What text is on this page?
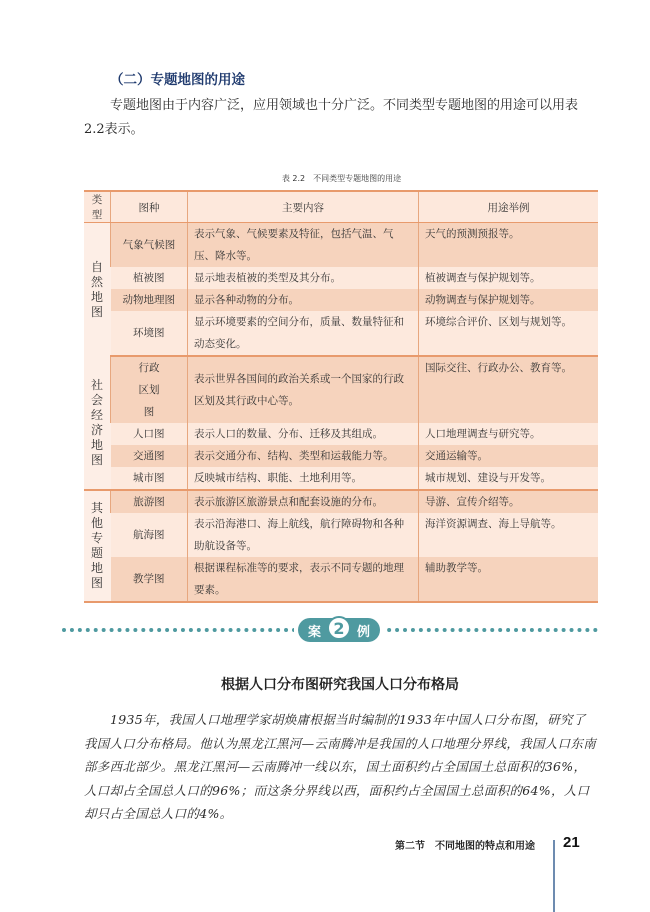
（二）专题地图的用途
专题地图由于内容广泛，应用领域也十分广泛。不同类型专题地图的用途可以用表2.2表示。
表 2.2　不同类型专题地图的用途
类型	图种	主要内容	用途举例

自然地图	气象气候图	表示气象、气候要素及特征，包括气温、气压、降水等。	天气的预测预报等。
	植被图	显示地表植被的类型及其分布。	植被调查与保护规划等。
	动物地理图	显示各种动物的分布。	动物调查与保护规划等。
	环境图	显示环境要素的空间分布，质量、数量特征和动态变化。	环境综合评价、区划与规划等。

社会经济地图	行政区划图	表示世界各国间的政治关系或一个国家的行政区划及其行政中心等。	国际交往、行政办公、教育等。
	人口图	表示人口的数量、分布、迁移及其组成。	人口地理调查与研究等。
	交通图	表示交通分布、结构、类型和运载能力等。	交通运输等。
	城市图	反映城市结构、职能、土地利用等。	城市规划、建设与开发等。

其他专题地图	旅游图	表示旅游区旅游景点和配套设施的分布。	导游、宣传介绍等。
	航海图	表示沿海港口、海上航线，航行障碍物和各种助航设备等。	海洋资源调查、海上导航等。
	教学图	根据课程标准等的要求，表示不同专题的地理要素。	辅助教学等。
案 2 例
根据人口分布图研究我国人口分布格局
1935年，我国人口地理学家胡焕庸根据当时编制的1933年中国人口分布图，研究了我国人口分布格局。他认为黑龙江黑河—云南腾冲是我国的人口地理分界线，我国人口东南部多西北部少。黑龙江黑河—云南腾冲一线以东，国土面积约占全国国土总面积的36%，人口却占全国总人口的96%；而这条分界线以西，面积约占全国国土总面积的64%，人口却只占全国总人口的4%。
第二节　不同地图的特点和用途 21
